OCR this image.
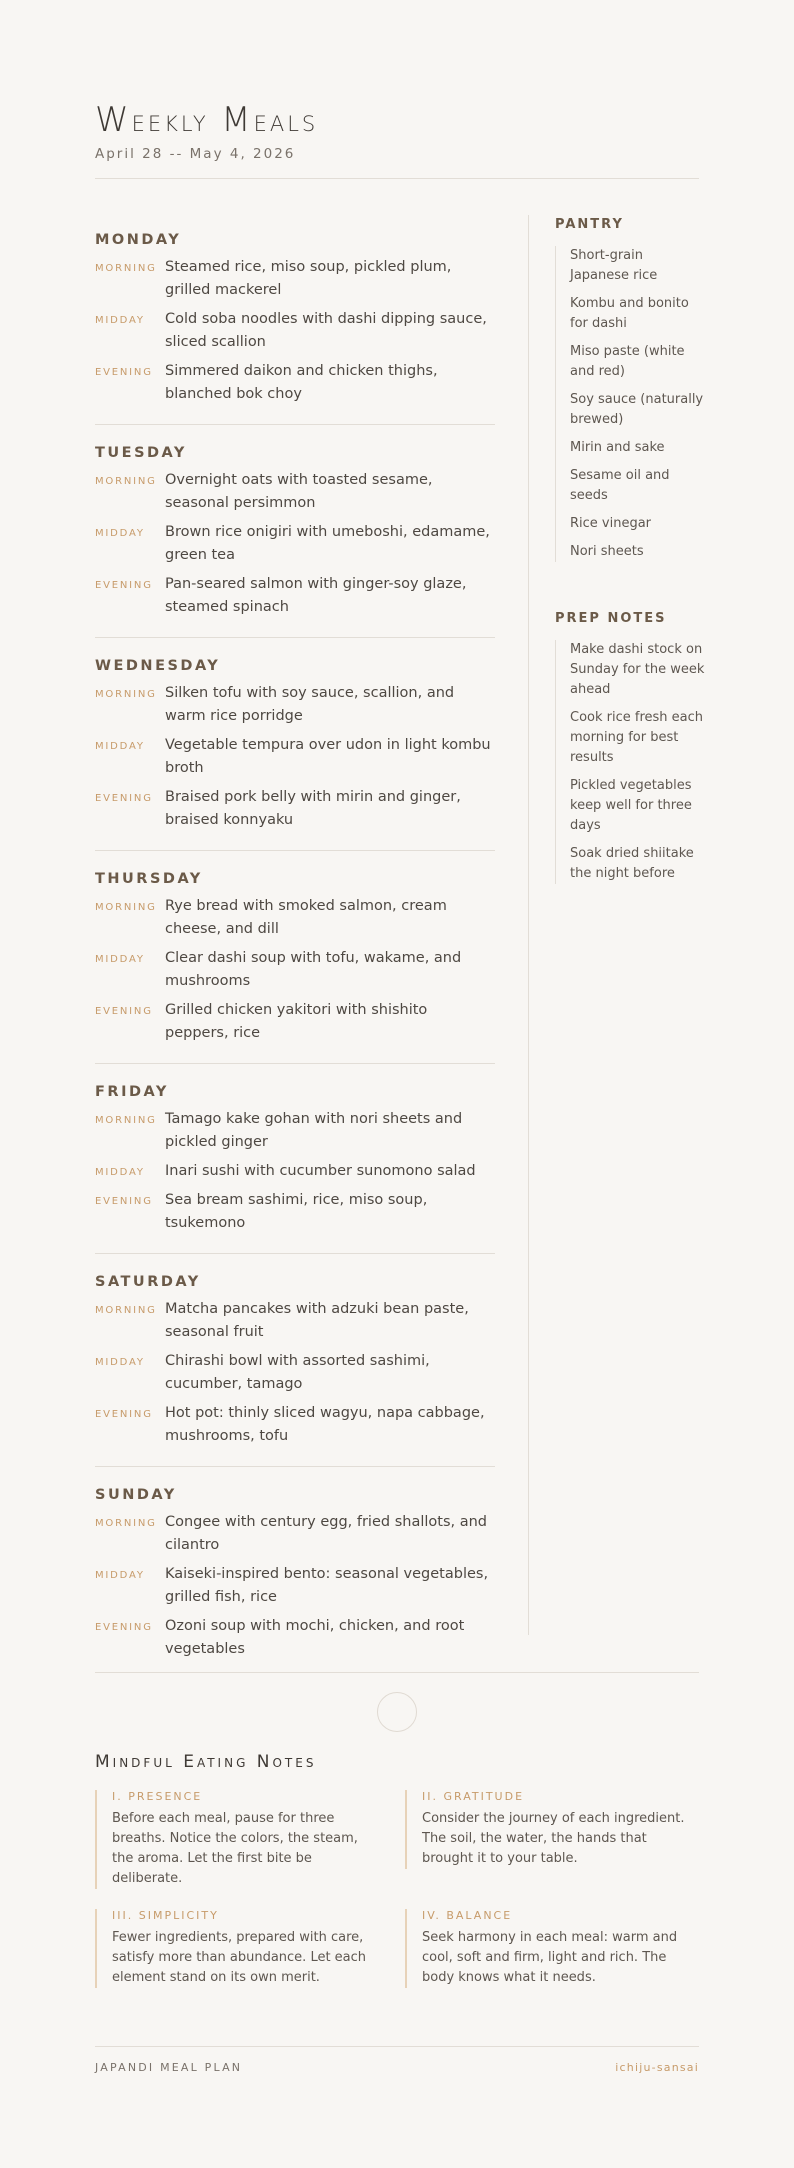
Weekly Meals
April 28 -- May 4, 2026
MONDAY
MORNING Steamed rice, miso soup, pickled plum, grilled mackerel
MIDDAY	Cold soba noodles with dashi dipping sauce, sliced scallion
EVENING Simmered daikon and chicken thighs, blanched bok choy
TUESDAY
MORNING Overnight oats with toasted sesame, seasonal persimmon
MIDDAY	Brown rice onigiri with umeboshi, edamame, green tea
EVENING Pan-seared salmon with ginger-soy glaze, steamed spinach
WEDNESDAY
MORNING Silken tofu with soy sauce, scallion, and warm rice porridge
MIDDAY	Vegetable tempura over udon in light kombu broth
EVENING Braised pork belly with mirin and ginger, braised konnyaku
THURSDAY
MORNING Rye bread with smoked salmon, cream cheese, and dill
MIDDAY	Clear dashi soup with tofu, wakame, and mushrooms
EVENING Grilled chicken yakitori with shishito peppers, rice
FRIDAY
MORNING Tamago kake gohan with nori sheets and pickled ginger
MIDDAY	Inari sushi with cucumber sunomono salad
EVENING Sea bream sashimi, rice, miso soup, tsukemono
SATURDAY
MORNING Matcha pancakes with adzuki bean paste, seasonal fruit
MIDDAY	Chirashi bowl with assorted sashimi, cucumber, tamago
EVENING Hot pot: thinly sliced wagyu, napa cabbage, mushrooms, tofu
SUNDAY
MORNING Congee with century egg, fried shallots, and cilantro
MIDDAY	Kaiseki-inspired bento: seasonal vegetables, grilled fish, rice
EVENING Ozoni soup with mochi, chicken, and root vegetables
PANTRY
Short-grain Japanese rice
Kombu and bonito for dashi
Miso paste (white and red)
Soy sauce (naturally brewed)
Mirin and sake
Sesame oil and seeds
Rice vinegar
Nori sheets
PREP NOTES
Make dashi stock on Sunday for the week ahead
Cook rice fresh each morning for best results
Pickled vegetables keep well for three days
Soak dried shiitake the night before
Mindful Eating Notes
I. PRESENCE
Before each meal, pause for three breaths. Notice the colors, the steam, the aroma. Let the first bite be deliberate.
II. GRATITUDE
Consider the journey of each ingredient. The soil, the water, the hands that brought it to your table.
III. SIMPLICITY
Fewer ingredients, prepared with care, satisfy more than abundance. Let each element stand on its own merit.
IV. BALANCE
Seek harmony in each meal: warm and cool, soft and firm, light and rich. The body knows what it needs.
JAPANDI MEAL PLAN	ichiju-sansai
